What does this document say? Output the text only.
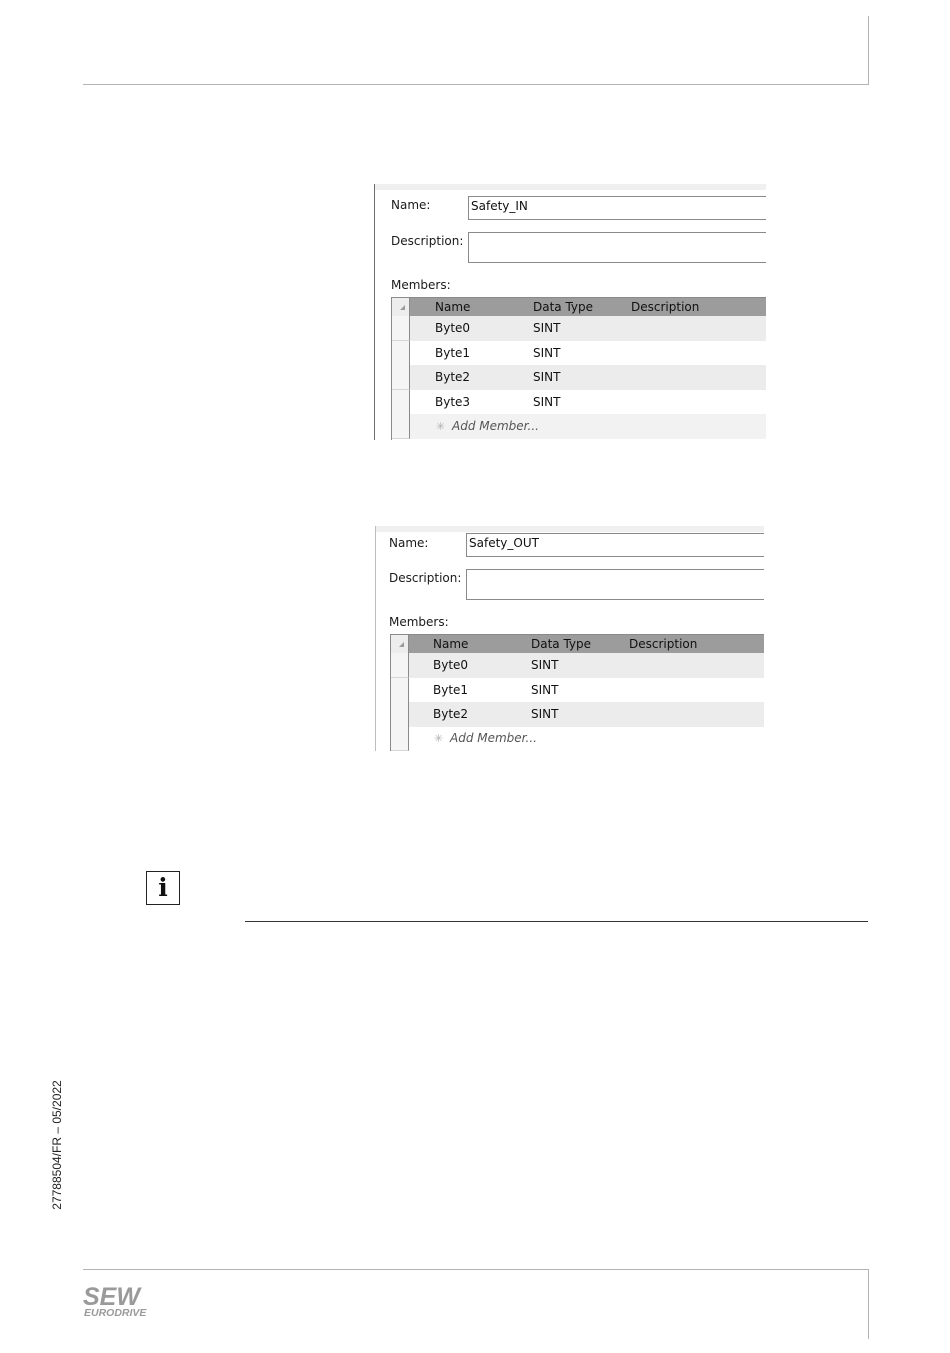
Name:	Safety_IN
Description:
Members:
Name	Data Type	Description
Byte0	SINT
Byte1	SINT
Byte2	SINT
Byte3	SINT
✳ Add Member...
Name:	Safety_OUT
Description:
Members:
Name	Data Type	Description
Byte0	SINT
Byte1	SINT
Byte2	SINT
✳ Add Member...
i
27788504/FR – 05/2022
SEW
EURODRIVE
